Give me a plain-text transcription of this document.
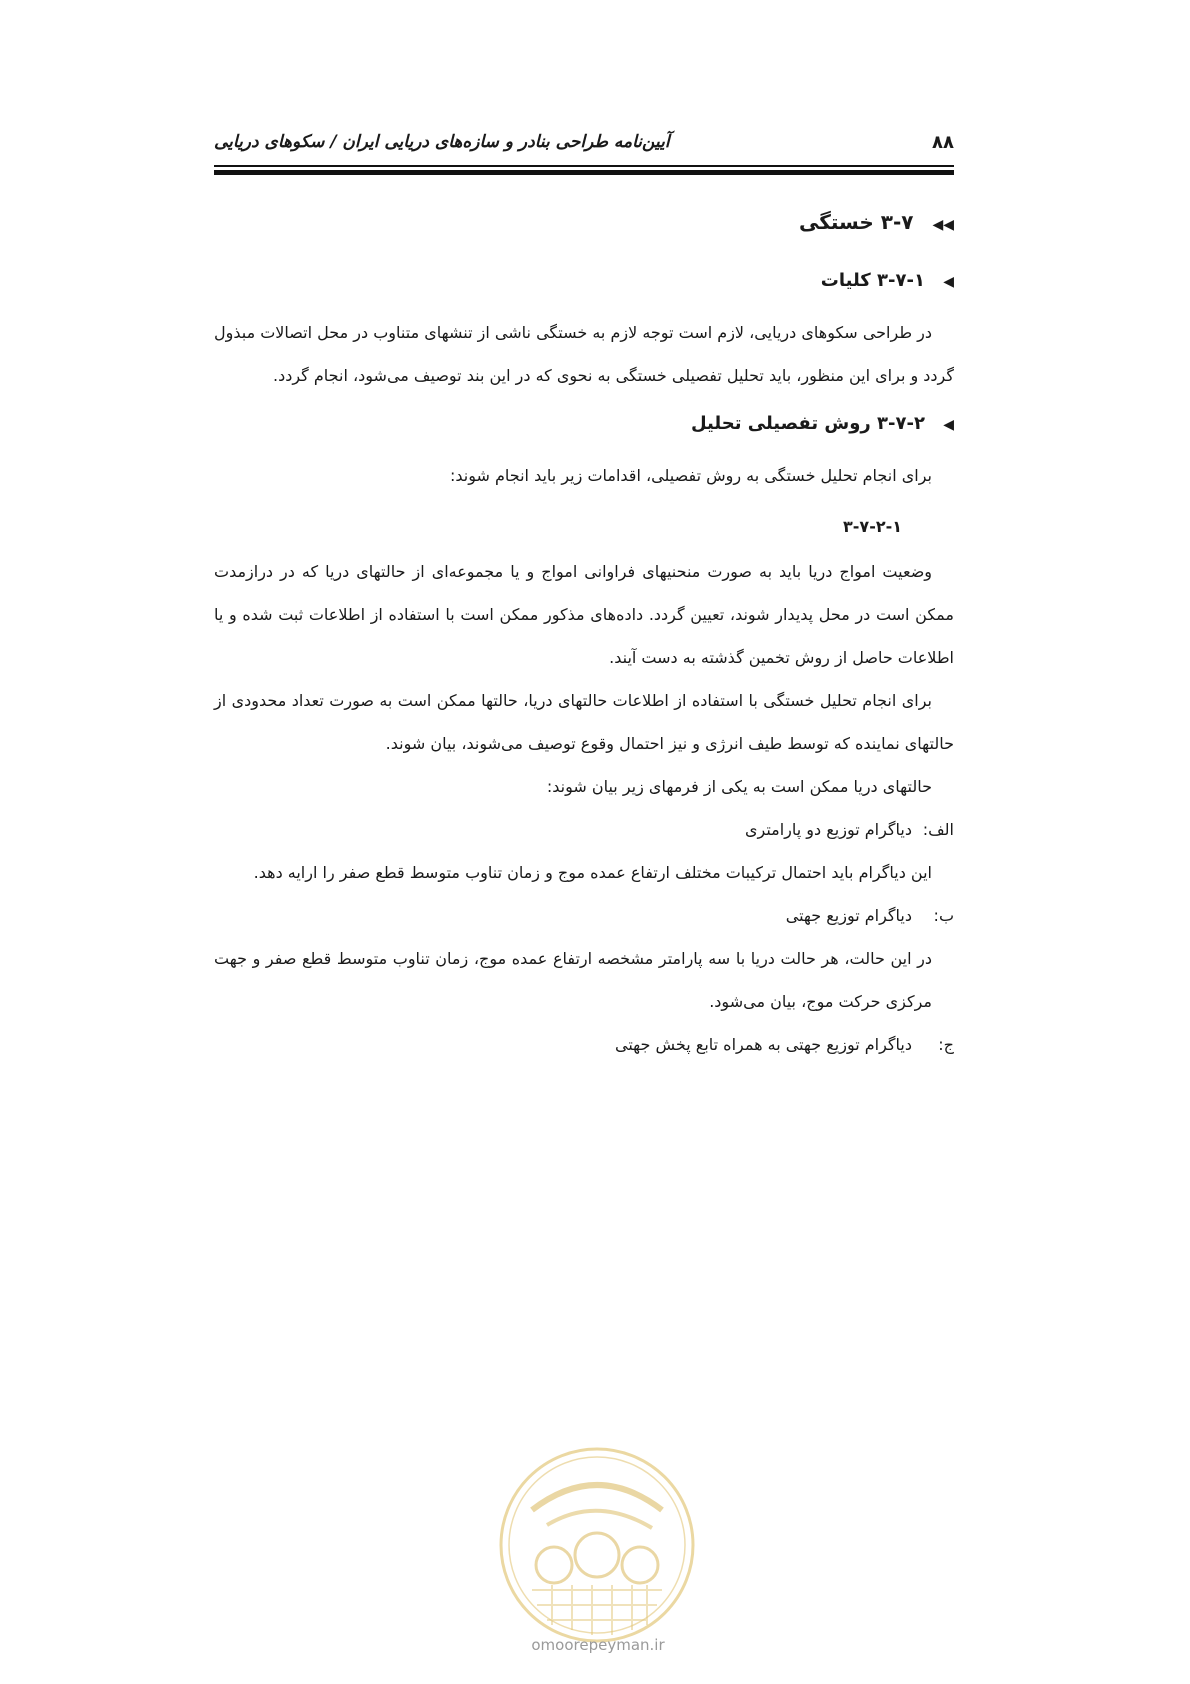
۸۸
آیین‌نامه طراحی بنادر و سازه‌های دریایی ایران / سکوهای دریایی
◀◀ ۳-۷ خستگی
◀ ۳-۷-۱ کلیات

در طراحی سکوهای دریایی، لازم است توجه لازم به خستگی ناشی از تنشهای متناوب در محل اتصالات مبذول گردد و برای این منظور، باید تحلیل تفصیلی خستگی به نحوی که در این بند توصیف می‌شود، انجام گردد.

◀ ۳-۷-۲ روش تفصیلی تحلیل

برای انجام تحلیل خستگی به روش تفصیلی، اقدامات زیر باید انجام شوند:

۳-۷-۲-۱

وضعیت امواج دریا باید به صورت منحنیهای فراوانی امواج و یا مجموعه‌ای از حالتهای دریا که در درازمدت ممکن است در محل پدیدار شوند، تعیین گردد. داده‌های مذکور ممکن است با استفاده از اطلاعات ثبت شده و یا اطلاعات حاصل از روش تخمین گذشته به دست آیند.

برای انجام تحلیل خستگی با استفاده از اطلاعات حالتهای دریا، حالتها ممکن است به صورت تعداد محدودی از حالتهای نماینده که توسط طیف انرژی و نیز احتمال وقوع توصیف می‌شوند، بیان شوند.

حالتهای دریا ممکن است به یکی از فرمهای زیر بیان شوند:

الف:
دیاگرام توزیع دو پارامتری
این دیاگرام باید احتمال ترکیبات مختلف ارتفاع عمده موج و زمان تناوب متوسط قطع صفر را ارایه دهد.
ب:
دیاگرام توزیع جهتی
در این حالت، هر حالت دریا با سه پارامتر مشخصه ارتفاع عمده موج، زمان تناوب متوسط قطع صفر و جهت مرکزی حرکت موج، بیان می‌شود.
ج:
دیاگرام توزیع جهتی به همراه تابع پخش جهتی
omoorepeyman.ir
